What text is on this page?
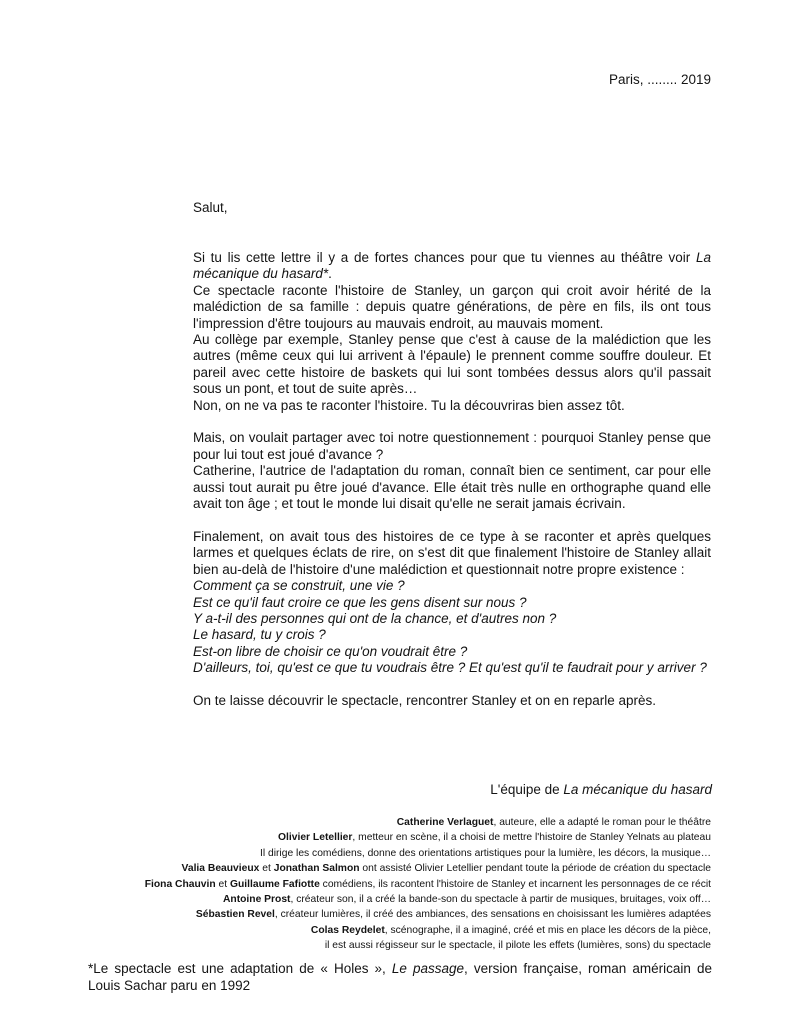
Paris, ........ 2019
Salut,

Si tu lis cette lettre il y a de fortes chances pour que tu viennes au théâtre voir La mécanique du hasard*.

Ce spectacle raconte l'histoire de Stanley, un garçon qui croit avoir hérité de la malédiction de sa famille : depuis quatre générations, de père en fils, ils ont tous l'impression d'être toujours au mauvais endroit, au mauvais moment.

Au collège par exemple, Stanley pense que c'est à cause de la malédiction que les autres (même ceux qui lui arrivent à l'épaule) le prennent comme souffre douleur. Et pareil avec cette histoire de baskets qui lui sont tombées dessus alors qu'il passait sous un pont, et tout de suite après…

Non, on ne va pas te raconter l'histoire. Tu la découvriras bien assez tôt.

Mais, on voulait partager avec toi notre questionnement : pourquoi Stanley pense que pour lui tout est joué d'avance ?

Catherine, l'autrice de l'adaptation du roman, connaît bien ce sentiment, car pour elle aussi tout aurait pu être joué d'avance. Elle était très nulle en orthographe quand elle avait ton âge ; et tout le monde lui disait qu'elle ne serait jamais écrivain.

Finalement, on avait tous des histoires de ce type à se raconter et après quelques larmes et quelques éclats de rire, on s'est dit que finalement l'histoire de Stanley allait bien au-delà de l'histoire d'une malédiction et questionnait notre propre existence :

Comment ça se construit, une vie ?

Est ce qu'il faut croire ce que les gens disent sur nous ?

Y a-t-il des personnes qui ont de la chance, et d'autres non ?

Le hasard, tu y crois ?

Est-on libre de choisir ce qu'on voudrait être ?

D'ailleurs, toi, qu'est ce que tu voudrais être ? Et qu'est qu'il te faudrait pour y arriver ?

On te laisse découvrir le spectacle, rencontrer Stanley et on en reparle après.

L'équipe de La mécanique du hasard
Catherine Verlaguet, auteure, elle a adapté le roman pour le théâtre
Olivier Letellier, metteur en scène, il a choisi de mettre l'histoire de Stanley Yelnats au plateau
Il dirige les comédiens, donne des orientations artistiques pour la lumière, les décors, la musique…
Valia Beauvieux et Jonathan Salmon ont assisté Olivier Letellier pendant toute la période de création du spectacle
Fiona Chauvin et Guillaume Fafiotte comédiens, ils racontent l'histoire de Stanley et incarnent les personnages de ce récit
Antoine Prost, créateur son, il a créé la bande-son du spectacle à partir de musiques, bruitages, voix off…
Sébastien Revel, créateur lumières, il créé des ambiances, des sensations en choisissant les lumières adaptées
Colas Reydelet, scénographe, il a imaginé, créé et mis en place les décors de la pièce,
il est aussi régisseur sur le spectacle, il pilote les effets (lumières, sons) du spectacle
*Le spectacle est une adaptation de « Holes », Le passage, version française, roman américain de Louis Sachar paru en 1992
